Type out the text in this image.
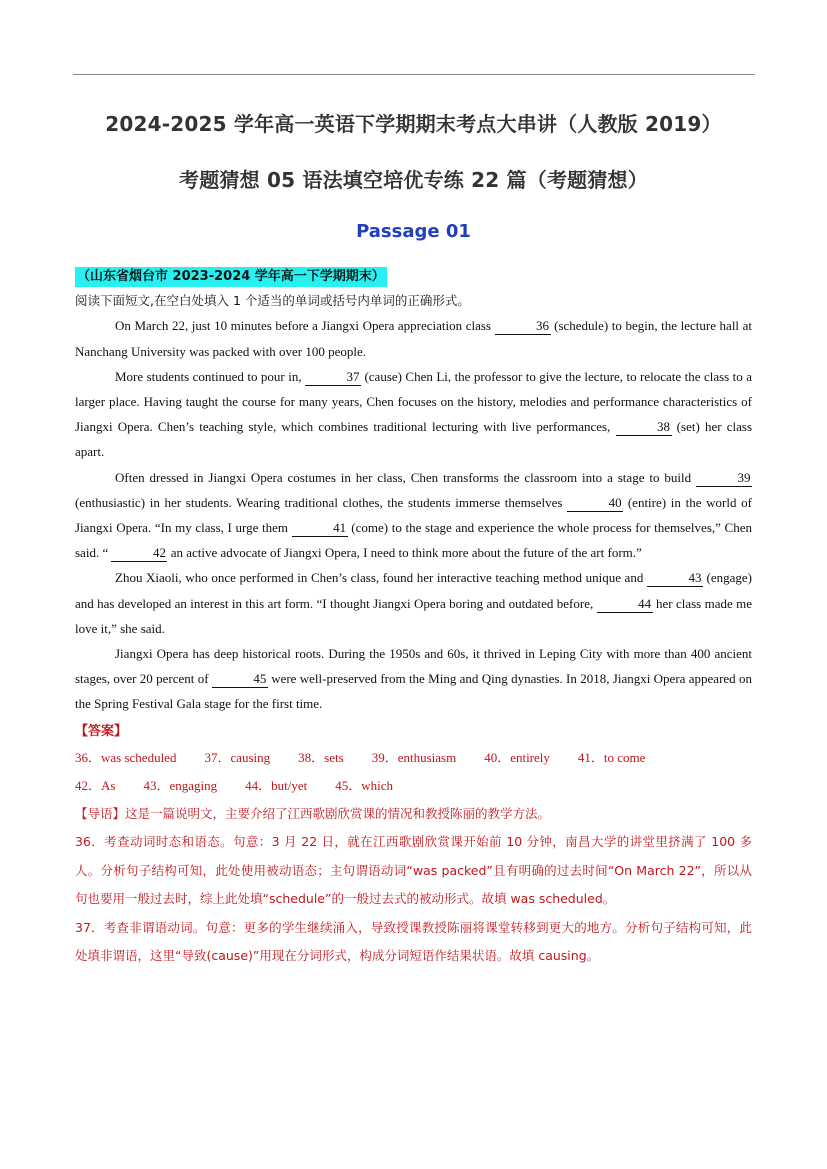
2024-2025 学年高一英语下学期期末考点大串讲（人教版 2019）
考题猜想 05 语法填空培优专练 22 篇（考题猜想）
Passage 01
（山东省烟台市 2023-2024 学年高一下学期期末）
阅读下面短文,在空白处填入 1 个适当的单词或括号内单词的正确形式。

On March 22, just 10 minutes before a Jiangxi Opera appreciation class	36 (schedule) to begin, the lecture hall at Nanchang University was packed with over 100 people.

More students continued to pour in,	37 (cause) Chen Li, the professor to give the lecture, to relocate the class to a larger place. Having taught the course for many years, Chen focuses on the history, melodies and performance characteristics of Jiangxi Opera. Chen’s teaching style, which combines traditional lecturing with live performances,	38 (set) her class apart.

Often dressed in Jiangxi Opera costumes in her class, Chen transforms the classroom into a stage to build	39 (enthusiastic) in her students. Wearing traditional clothes, the students immerse themselves	40 (entire) in the world of Jiangxi Opera. “In my class, I urge them	41 (come) to the stage and experience the whole process for themselves,” Chen said. “	42 an active advocate of Jiangxi Opera, I need to think more about the future of the art form.”

Zhou Xiaoli, who once performed in Chen’s class, found her interactive teaching method unique and	43 (engage) and has developed an interest in this art form. “I thought Jiangxi Opera boring and outdated before,	44 her class made me love it,” she said.

Jiangxi Opera has deep historical roots. During the 1950s and 60s, it thrived in Leping City with more than 400 ancient stages, over 20 percent of	45 were well-preserved from the Ming and Qing dynasties. In 2018, Jiangxi Opera appeared on the Spring Festival Gala stage for the first time.

【答案】
36．was scheduled 37．causing 38．sets 39．enthusiasm 40．entirely 41．to come
42．As 43．engaging 44．but/yet 45．which
【导语】这是一篇说明文，主要介绍了江西歌剧欣赏课的情况和教授陈丽的教学方法。
36．考查动词时态和语态。句意：3 月 22 日，就在江西歌剧欣赏课开始前 10 分钟，南昌大学的讲堂里挤满了 100 多人。分析句子结构可知，此处使用被动语态；主句谓语动词“was packed”且有明确的过去时间“On March 22”，所以从句也要用一般过去时，综上此处填“schedule”的一般过去式的被动形式。故填 was scheduled。
37．考查非谓语动词。句意：更多的学生继续涌入，导致授课教授陈丽将课堂转移到更大的地方。分析句子结构可知，此处填非谓语，这里“导致(cause)”用现在分词形式，构成分词短语作结果状语。故填 causing。
